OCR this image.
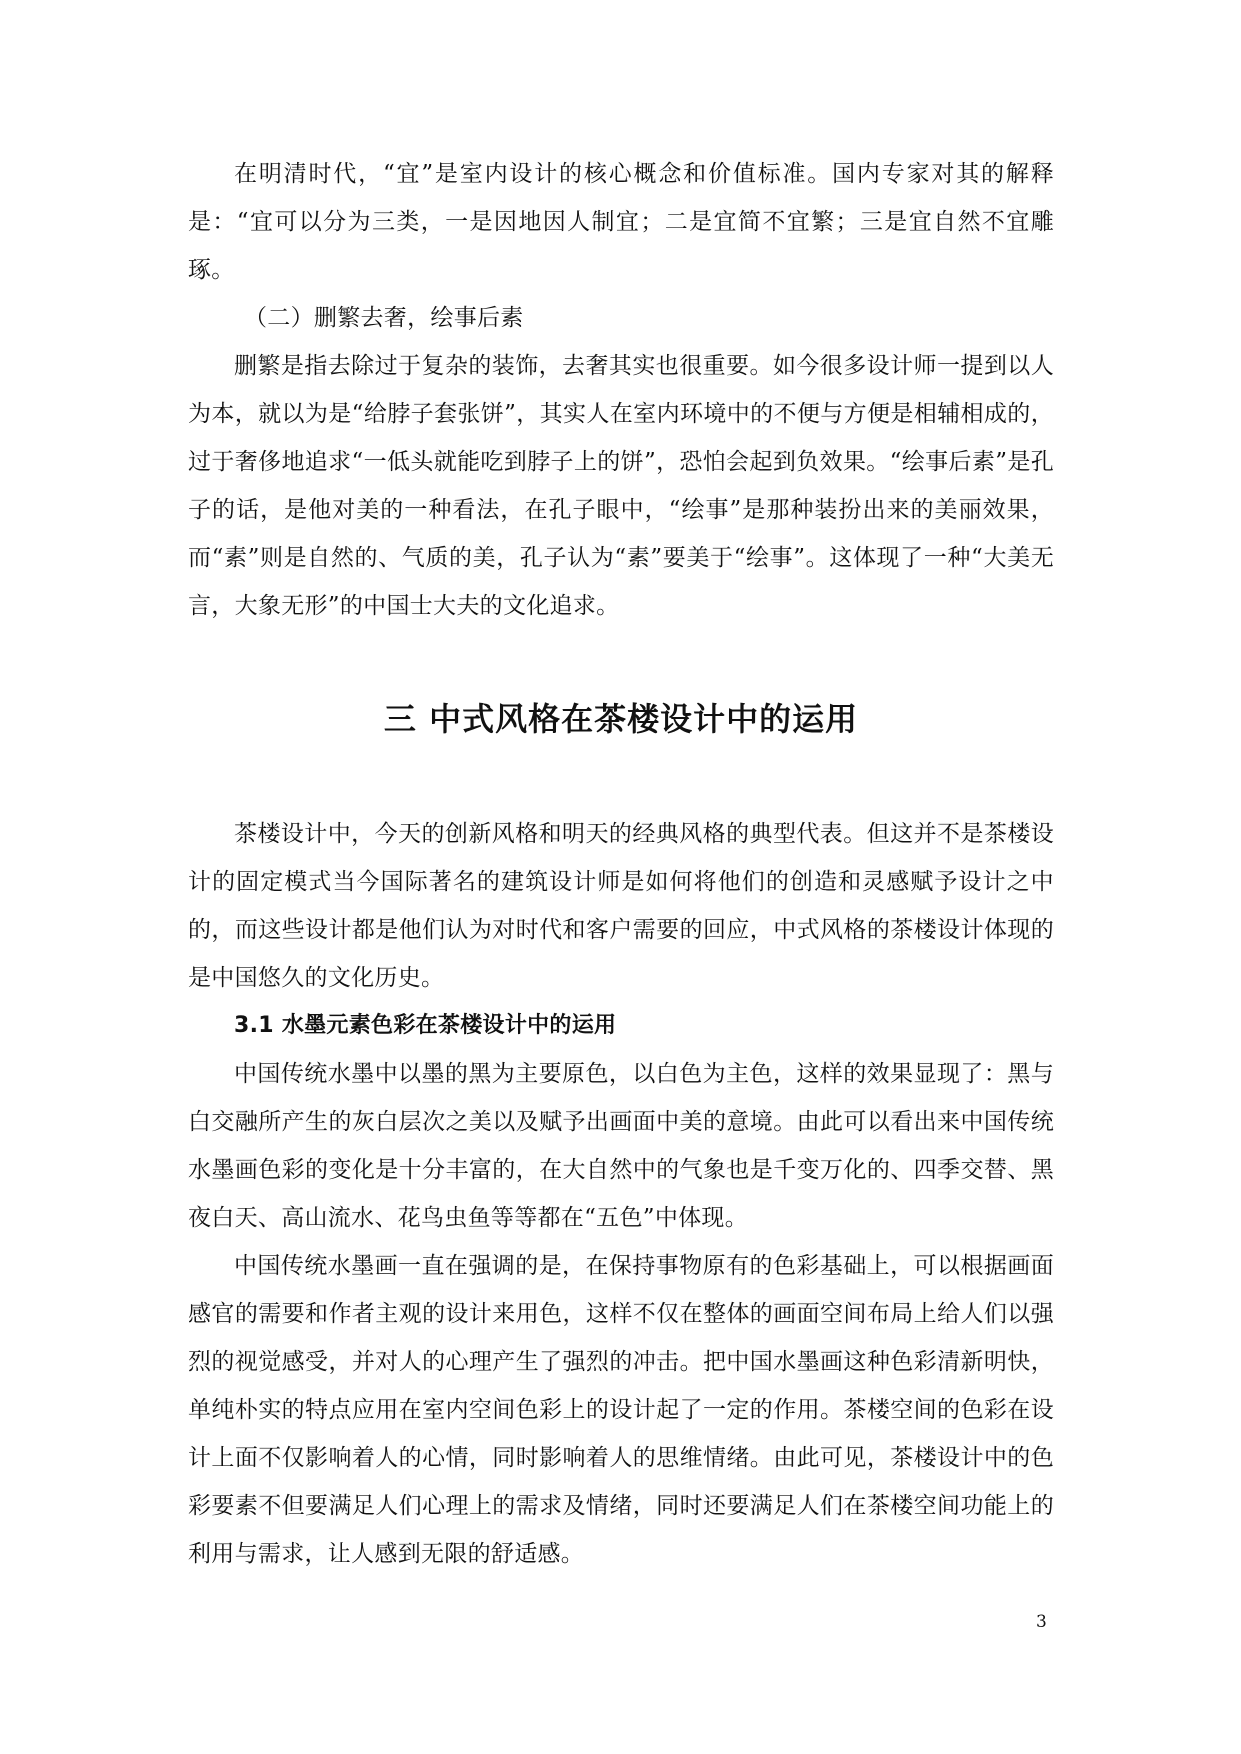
在明清时代，“宜”是室内设计的核心概念和价值标准。国内专家对其的解释是：“宜可以分为三类，一是因地因人制宜；二是宜简不宜繁；三是宜自然不宜雕琢。

（二）删繁去奢，绘事后素

删繁是指去除过于复杂的装饰，去奢其实也很重要。如今很多设计师一提到以人为本，就以为是“给脖子套张饼”，其实人在室内环境中的不便与方便是相辅相成的，过于奢侈地追求“一低头就能吃到脖子上的饼”，恐怕会起到负效果。“绘事后素”是孔子的话，是他对美的一种看法，在孔子眼中，“绘事”是那种装扮出来的美丽效果，而“素”则是自然的、气质的美，孔子认为“素”要美于“绘事”。这体现了一种“大美无言，大象无形”的中国士大夫的文化追求。

三 中式风格在茶楼设计中的运用

茶楼设计中，今天的创新风格和明天的经典风格的典型代表。但这并不是茶楼设计的固定模式当今国际著名的建筑设计师是如何将他们的创造和灵感赋予设计之中的，而这些设计都是他们认为对时代和客户需要的回应，中式风格的茶楼设计体现的是中国悠久的文化历史。

3.1 水墨元素色彩在茶楼设计中的运用

中国传统水墨中以墨的黑为主要原色，以白色为主色，这样的效果显现了：黑与白交融所产生的灰白层次之美以及赋予出画面中美的意境。由此可以看出来中国传统水墨画色彩的变化是十分丰富的，在大自然中的气象也是千变万化的、四季交替、黑夜白天、高山流水、花鸟虫鱼等等都在“五色”中体现。

中国传统水墨画一直在强调的是，在保持事物原有的色彩基础上，可以根据画面感官的需要和作者主观的设计来用色，这样不仅在整体的画面空间布局上给人们以强烈的视觉感受，并对人的心理产生了强烈的冲击。把中国水墨画这种色彩清新明快，单纯朴实的特点应用在室内空间色彩上的设计起了一定的作用。茶楼空间的色彩在设计上面不仅影响着人的心情，同时影响着人的思维情绪。由此可见，茶楼设计中的色彩要素不但要满足人们心理上的需求及情绪，同时还要满足人们在茶楼空间功能上的利用与需求，让人感到无限的舒适感。

3
